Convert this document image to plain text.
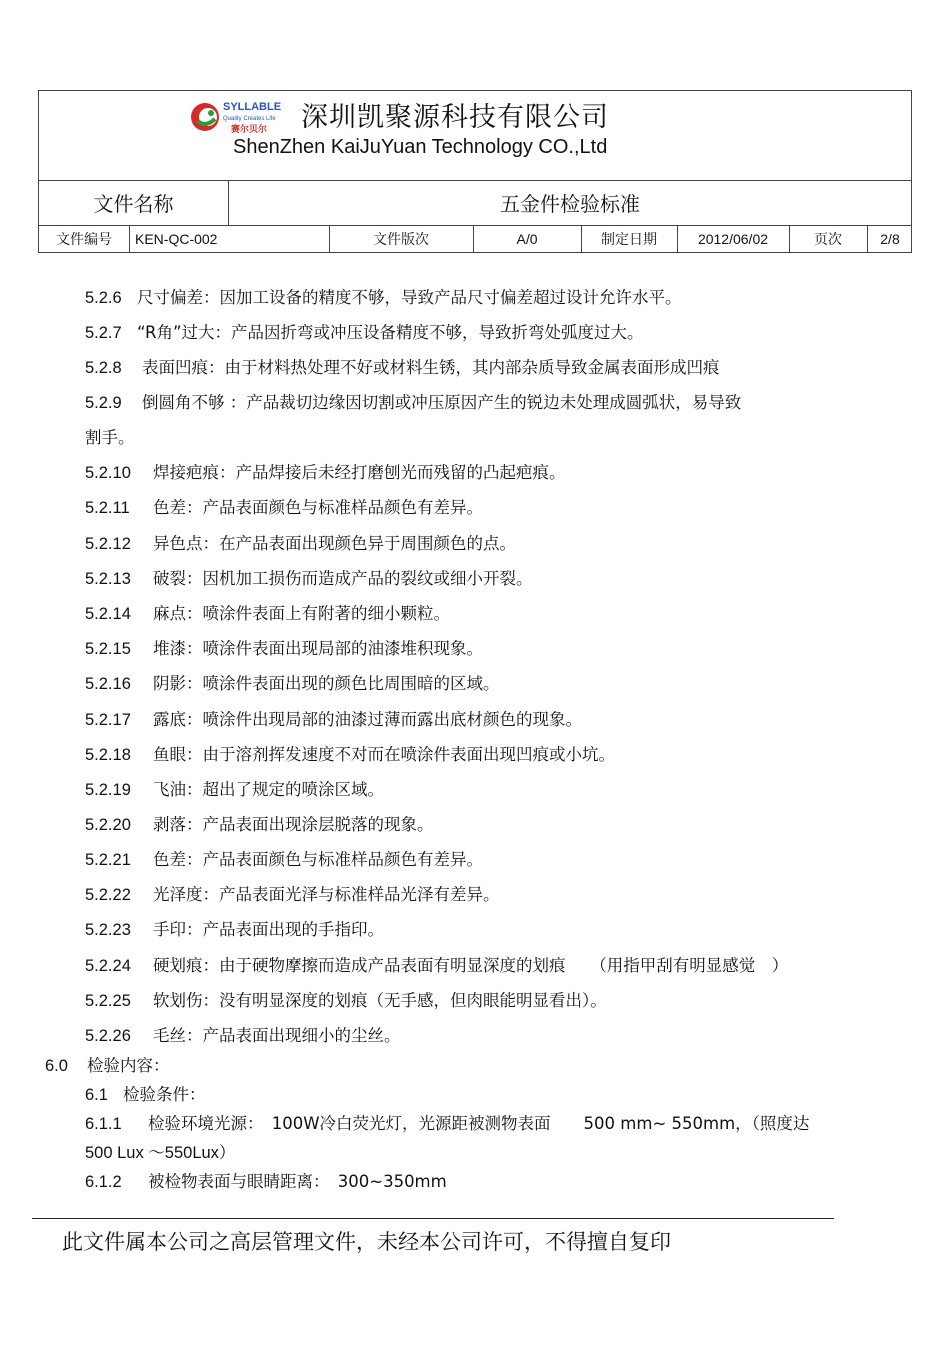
SYLLABLE
Quality Creates Life
赛尔贝尔 深圳凯聚源科技有限公司
ShenZhen KaiJuYuan Technology CO.,Ltd
文件名称	五金件检验标准
文件编号	KEN-QC-002	文件版次	A/0	制定日期	2012/06/02	页次	2/8
5.2.6 尺寸偏差：因加工设备的精度不够，导致产品尺寸偏差超过设计允许水平。
5.2.7 “R角”过大：产品因折弯或冲压设备精度不够，导致折弯处弧度过大。
5.2.8 表面凹痕：由于材料热处理不好或材料生锈，其内部杂质导致金属表面形成凹痕
5.2.9 倒圆角不够 ：产品裁切边缘因切割或冲压原因产生的锐边未处理成圆弧状，易导致
割手。
5.2.10 焊接疤痕：产品焊接后未经打磨刨光而残留的凸起疤痕。
5.2.11 色差：产品表面颜色与标准样品颜色有差异。
5.2.12 异色点：在产品表面出现颜色异于周围颜色的点。
5.2.13 破裂：因机加工损伤而造成产品的裂纹或细小开裂。
5.2.14 麻点：喷涂件表面上有附著的细小颗粒。
5.2.15 堆漆：喷涂件表面出现局部的油漆堆积现象。
5.2.16 阴影：喷涂件表面出现的颜色比周围暗的区域。
5.2.17 露底：喷涂件出现局部的油漆过薄而露出底材颜色的现象。
5.2.18 鱼眼：由于溶剂挥发速度不对而在喷涂件表面出现凹痕或小坑。
5.2.19 飞油：超出了规定的喷涂区域。
5.2.20 剥落：产品表面出现涂层脱落的现象。
5.2.21 色差：产品表面颜色与标准样品颜色有差异。
5.2.22 光泽度：产品表面光泽与标准样品光泽有差异。
5.2.23 手印：产品表面出现的手指印。
5.2.24 硬划痕：由于硬物摩擦而造成产品表面有明显深度的划痕　　（用指甲刮有明显感觉　）
5.2.25 软划伤：没有明显深度的划痕（无手感，但肉眼能明显看出）。
5.2.26 毛丝：产品表面出现细小的尘丝。
6.0 检验内容：
6.1 检验条件：
6.1.1 检验环境光源：　100W冷白荧光灯，光源距被测物表面　　500 mm~ 550mm，（照度达
500 Lux ～550Lux）
6.1.2 被检物表面与眼睛距离：　300~350mm
此文件属本公司之高层管理文件，未经本公司许可，不得擅自复印
